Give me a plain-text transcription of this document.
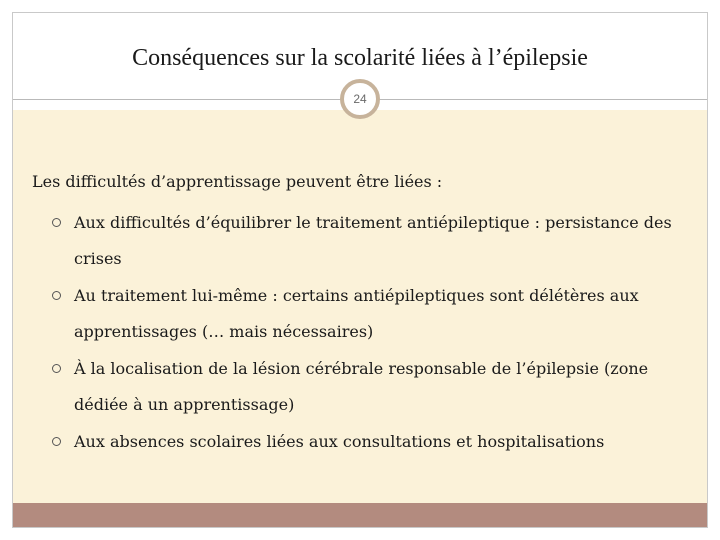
Conséquences sur la scolarité liées à l’épilepsie
24
Les difficultés d’apprentissage peuvent être liées :
Aux difficultés d’équilibrer le traitement antiépileptique : persistance des crises
Au traitement lui-même : certains antiépileptiques sont délétères aux apprentissages (… mais nécessaires)
À la localisation de la lésion cérébrale responsable de l’épilepsie (zone dédiée à un apprentissage)
Aux absences scolaires liées aux consultations et hospitalisations
